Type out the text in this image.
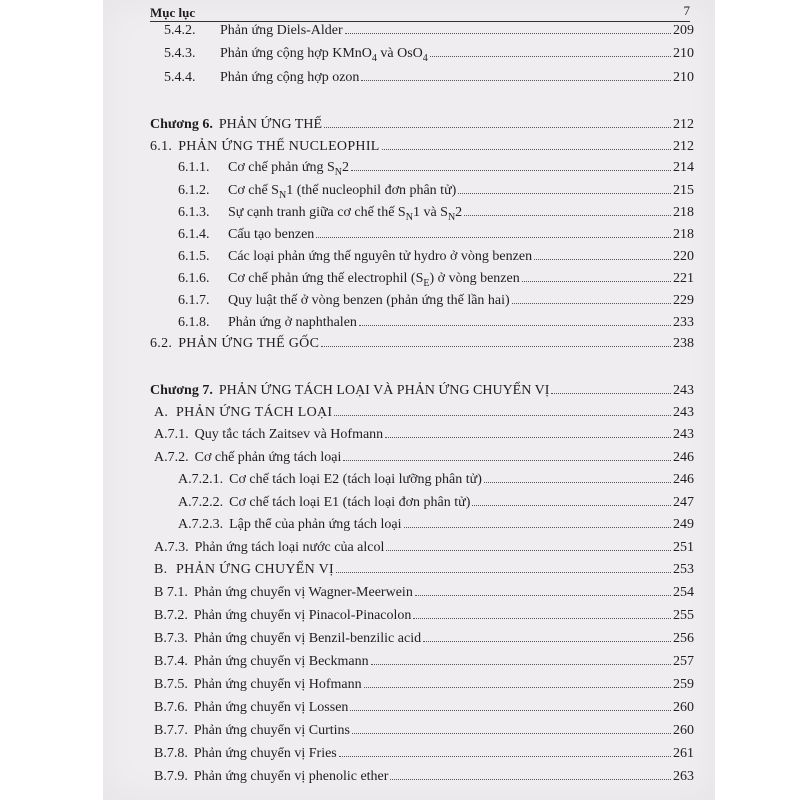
Mục lục	7
5.4.2.	Phản ứng Diels-Alder	209
5.4.3.	Phản ứng cộng hợp KMnO$_4$ và OsO$_4$	210
5.4.4.	Phản ứng cộng hợp ozon	210
Chương 6. PHẢN ỨNG THẾ	212
6.1. PHẢN ỨNG THẾ NUCLEOPHIL	212
6.1.1.	Cơ chế phản ứng $S_N2$	214
6.1.2.	Cơ chế $S_N1$ (thế nucleophil đơn phân tử)	215
6.1.3.	Sự cạnh tranh giữa cơ chế thế $S_N1$ và $S_N2$	218
6.1.4.	Cấu tạo benzen	218
6.1.5.	Các loại phản ứng thế nguyên tử hydro ở vòng benzen	220
6.1.6.	Cơ chế phản ứng thế electrophil $(S_E)$ ở vòng benzen	221
6.1.7.	Quy luật thế ở vòng benzen (phản ứng thế lần hai)	229
6.1.8.	Phản ứng ở naphthalen	233
6.2. PHẢN ỨNG THẾ GỐC	238
Chương 7. PHẢN ỨNG TÁCH LOẠI VÀ PHẢN ỨNG CHUYỂN VỊ	243
A. PHẢN ỨNG TÁCH LOẠI	243
A.7.1. Quy tắc tách Zaitsev và Hofmann	243
A.7.2. Cơ chế phản ứng tách loại	246
A.7.2.1. Cơ chế tách loại E2 (tách loại lưỡng phân tử)	246
A.7.2.2. Cơ chế tách loại E1 (tách loại đơn phân tử)	247
A.7.2.3. Lập thể của phản ứng tách loại	249
A.7.3. Phản ứng tách loại nước của alcol	251
B. PHẢN ỨNG CHUYỂN VỊ	253
B 7.1. Phản ứng chuyển vị Wagner-Meerwein	254
B.7.2. Phản ứng chuyển vị Pinacol-Pinacolon	255
B.7.3. Phản ứng chuyển vị Benzil-benzilic acid	256
B.7.4. Phản ứng chuyển vị Beckmann	257
B.7.5. Phản ứng chuyển vị Hofmann	259
B.7.6. Phản ứng chuyển vị Lossen	260
B.7.7. Phản ứng chuyển vị Curtins	260
B.7.8. Phản ứng chuyển vị Fries	261
B.7.9. Phản ứng chuyển vị phenolic ether	263
